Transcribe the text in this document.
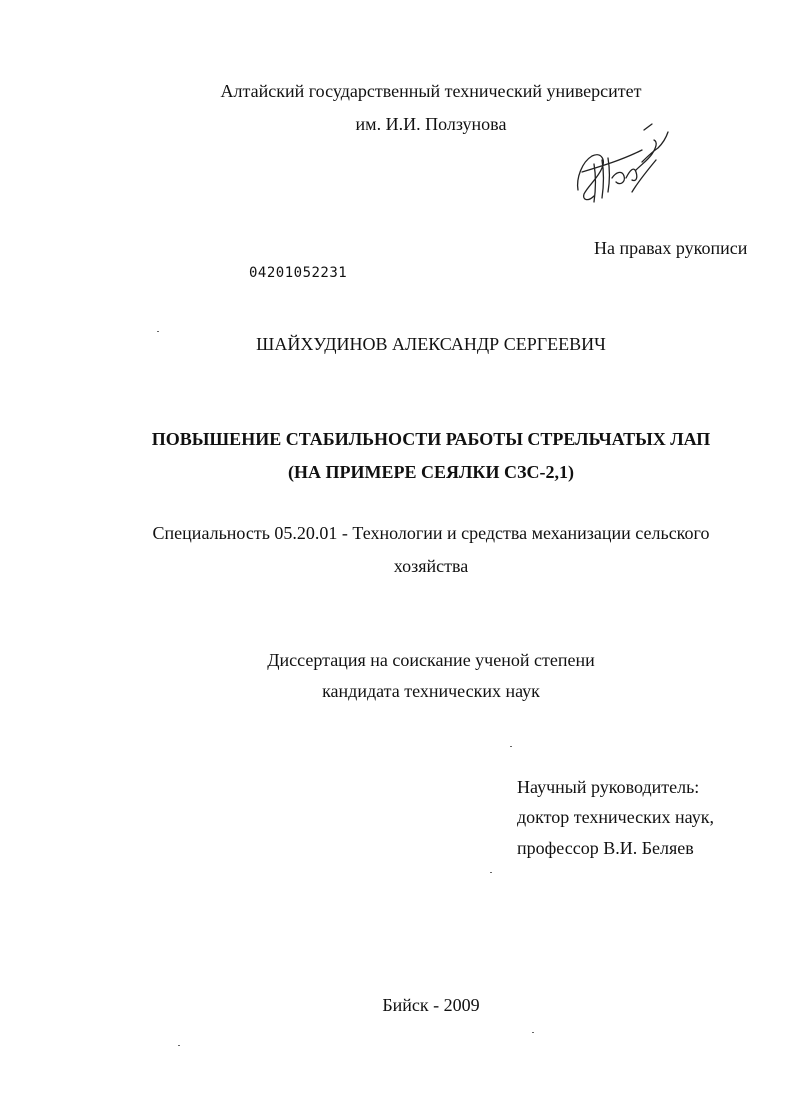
Алтайский государственный технический университет
им. И.И. Ползунова
На правах рукописи
04201052231
ШАЙХУДИНОВ АЛЕКСАНДР СЕРГЕЕВИЧ
ПОВЫШЕНИЕ СТАБИЛЬНОСТИ РАБОТЫ СТРЕЛЬЧАТЫХ ЛАП
(НА ПРИМЕРЕ СЕЯЛКИ СЗС-2,1)
Специальность 05.20.01 - Технологии и средства механизации сельского
хозяйства
Диссертация на соискание ученой степени
кандидата технических наук
Научный руководитель:
доктор технических наук,
профессор В.И. Беляев
Бийск - 2009
